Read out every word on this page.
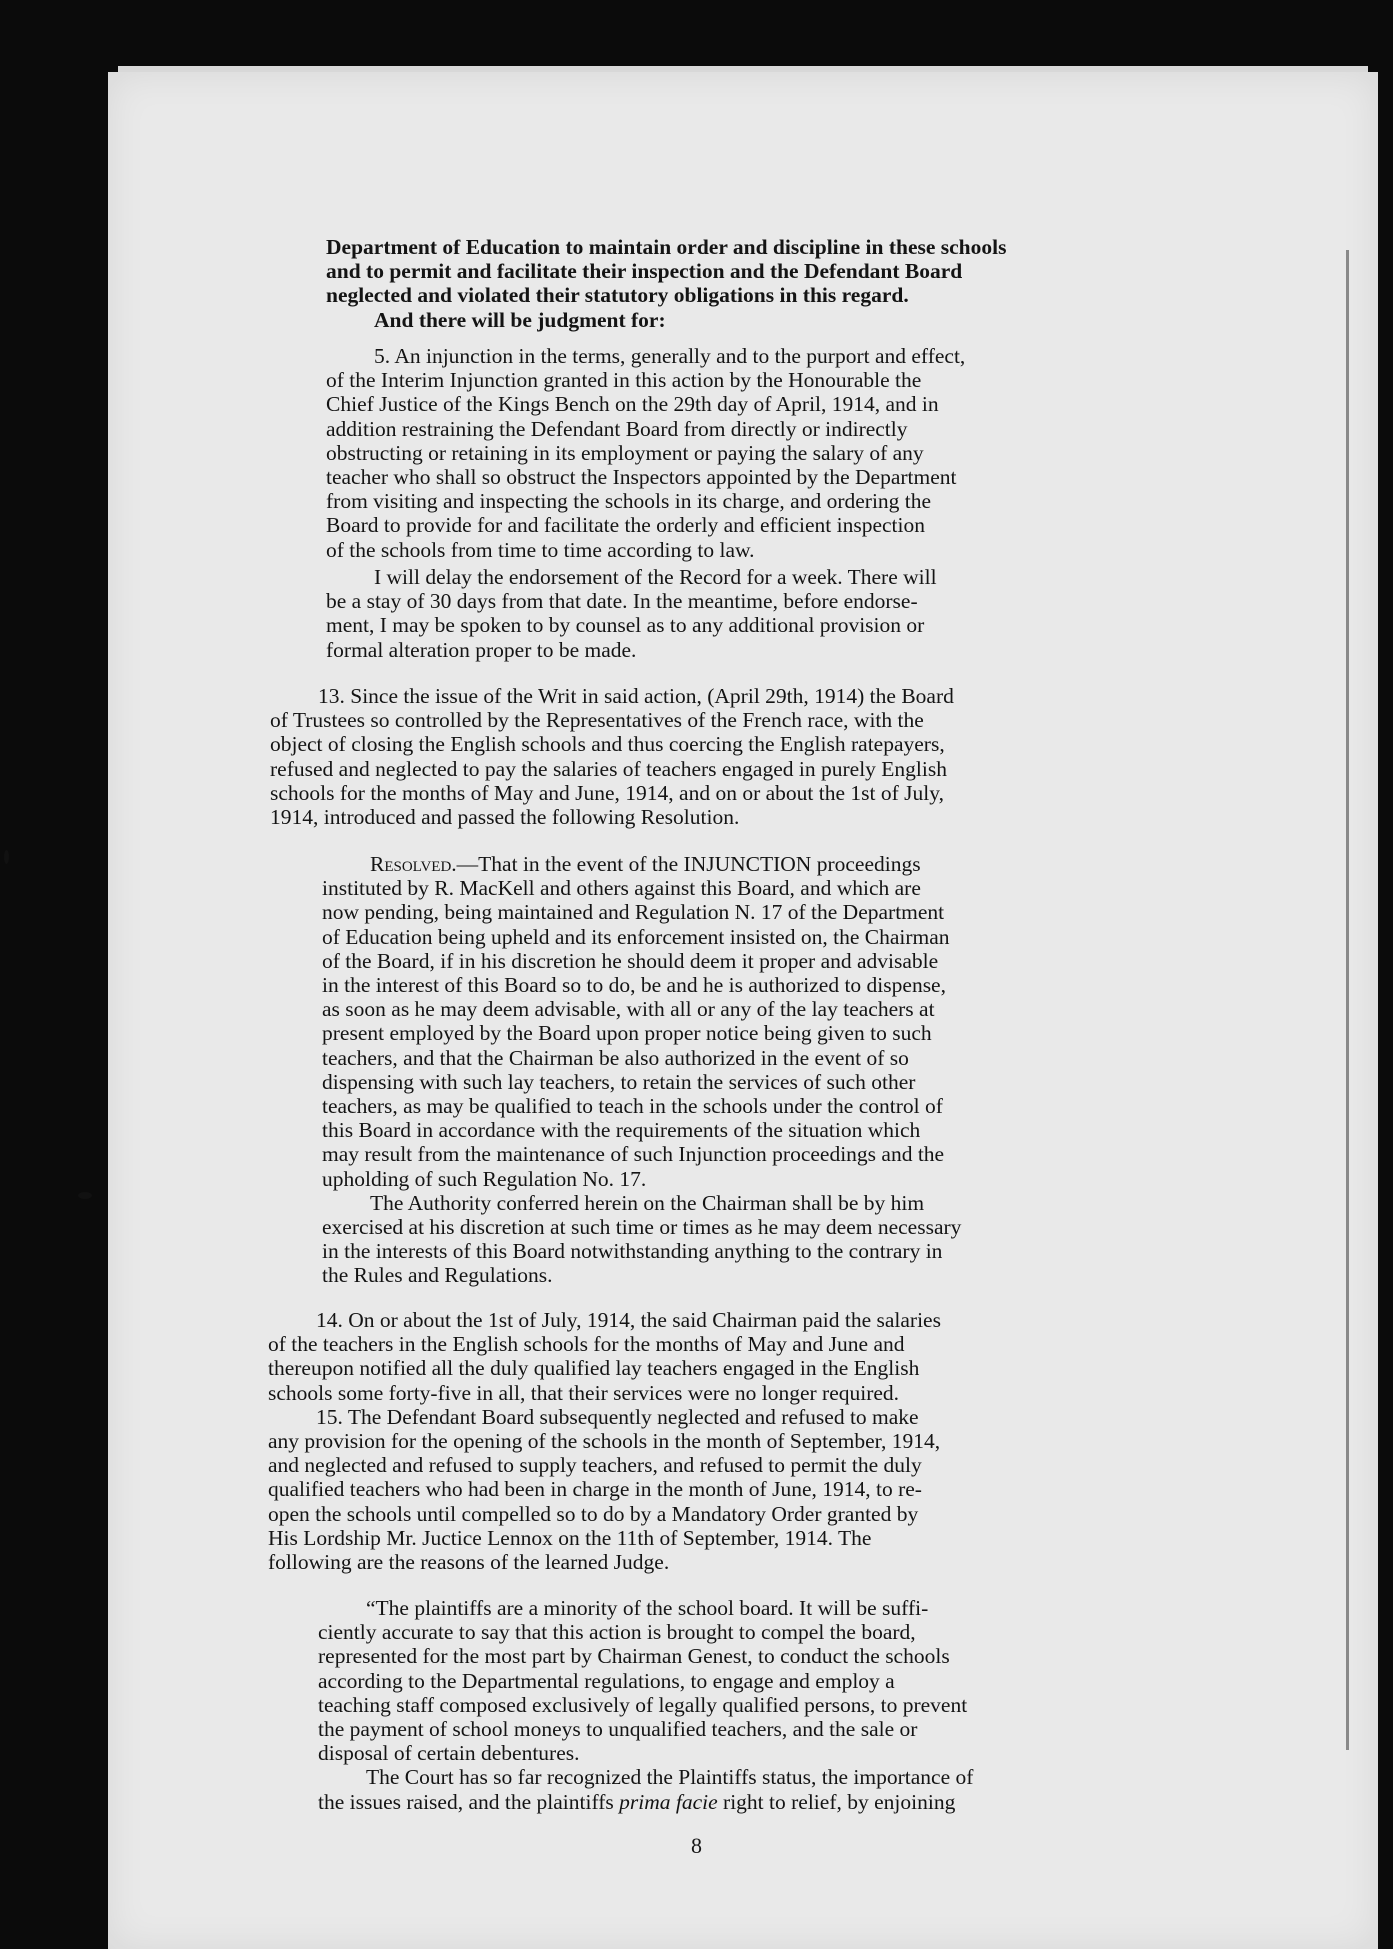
Department of Education to maintain order and discipline in these schools

and to permit and facilitate their inspection and the Defendant Board

neglected and violated their statutory obligations in this regard.

And there will be judgment for:

5. An injunction in the terms, generally and to the purport and effect,

of the Interim Injunction granted in this action by the Honourable the

Chief Justice of the Kings Bench on the 29th day of April, 1914, and in

addition restraining the Defendant Board from directly or indirectly

obstructing or retaining in its employment or paying the salary of any

teacher who shall so obstruct the Inspectors appointed by the Department

from visiting and inspecting the schools in its charge, and ordering the

Board to provide for and facilitate the orderly and efficient inspection

of the schools from time to time according to law.

I will delay the endorsement of the Record for a week. There will

be a stay of 30 days from that date. In the meantime, before endorse-

ment, I may be spoken to by counsel as to any additional provision or

formal alteration proper to be made.

13. Since the issue of the Writ in said action, (April 29th, 1914) the Board

of Trustees so controlled by the Representatives of the French race, with the

object of closing the English schools and thus coercing the English ratepayers,

refused and neglected to pay the salaries of teachers engaged in purely English

schools for the months of May and June, 1914, and on or about the 1st of July,

1914, introduced and passed the following Resolution.

Resolved.—That in the event of the INJUNCTION proceedings

instituted by R. MacKell and others against this Board, and which are

now pending, being maintained and Regulation N. 17 of the Department

of Education being upheld and its enforcement insisted on, the Chairman

of the Board, if in his discretion he should deem it proper and advisable

in the interest of this Board so to do, be and he is authorized to dispense,

as soon as he may deem advisable, with all or any of the lay teachers at

present employed by the Board upon proper notice being given to such

teachers, and that the Chairman be also authorized in the event of so

dispensing with such lay teachers, to retain the services of such other

teachers, as may be qualified to teach in the schools under the control of

this Board in accordance with the requirements of the situation which

may result from the maintenance of such Injunction proceedings and the

upholding of such Regulation No. 17.

The Authority conferred herein on the Chairman shall be by him

exercised at his discretion at such time or times as he may deem necessary

in the interests of this Board notwithstanding anything to the contrary in

the Rules and Regulations.

14. On or about the 1st of July, 1914, the said Chairman paid the salaries

of the teachers in the English schools for the months of May and June and

thereupon notified all the duly qualified lay teachers engaged in the English

schools some forty-five in all, that their services were no longer required.

15. The Defendant Board subsequently neglected and refused to make

any provision for the opening of the schools in the month of September, 1914,

and neglected and refused to supply teachers, and refused to permit the duly

qualified teachers who had been in charge in the month of June, 1914, to re-

open the schools until compelled so to do by a Mandatory Order granted by

His Lordship Mr. Juctice Lennox on the 11th of September, 1914. The

following are the reasons of the learned Judge.

“The plaintiffs are a minority of the school board. It will be suffi-

ciently accurate to say that this action is brought to compel the board,

represented for the most part by Chairman Genest, to conduct the schools

according to the Departmental regulations, to engage and employ a

teaching staff composed exclusively of legally qualified persons, to prevent

the payment of school moneys to unqualified teachers, and the sale or

disposal of certain debentures.

The Court has so far recognized the Plaintiffs status, the importance of

the issues raised, and the plaintiffs prima facie right to relief, by enjoining

8
